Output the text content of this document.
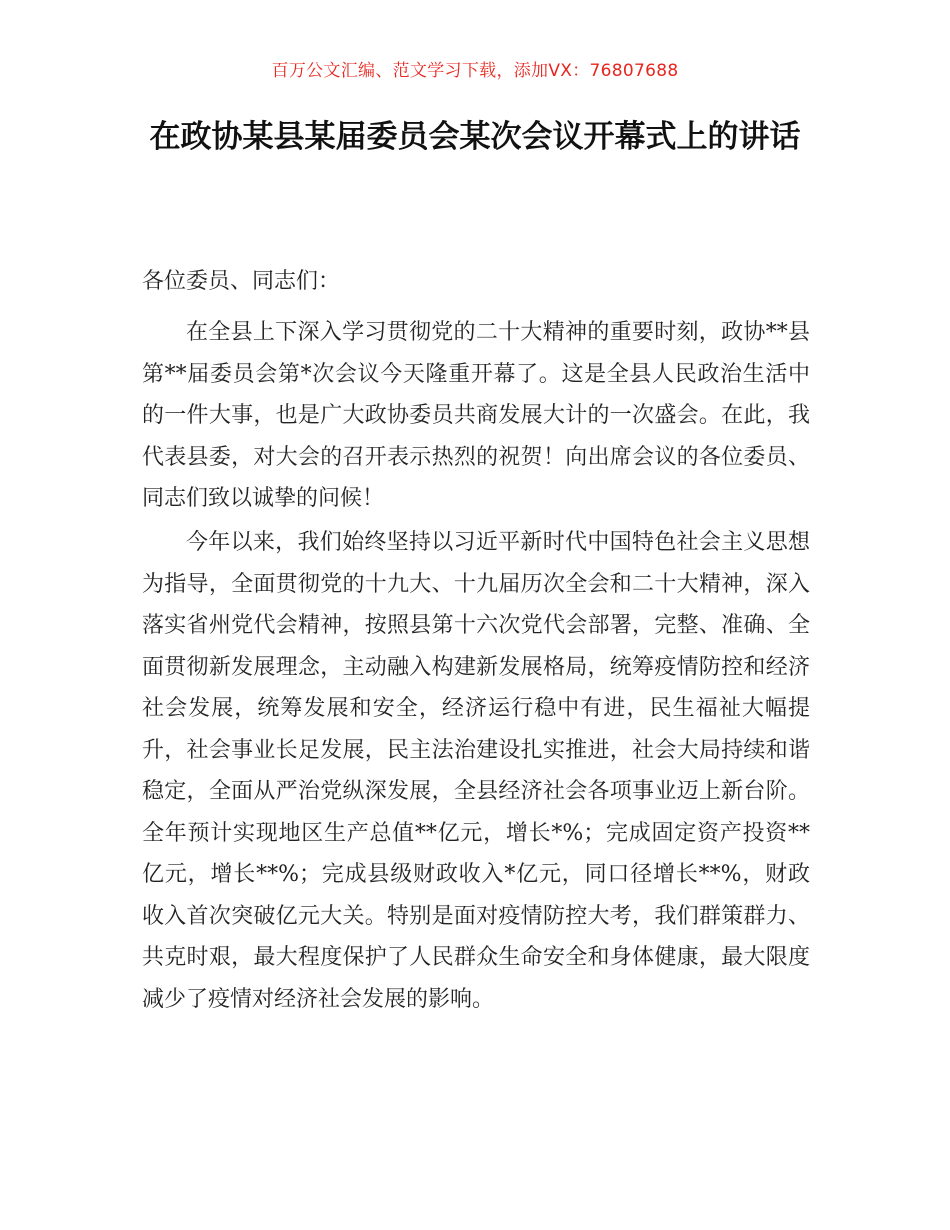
百万公文汇编、范文学习下载，添加VX：76807688
在政协某县某届委员会某次会议开幕式上的讲话
各位委员、同志们：

在全县上下深入学习贯彻党的二十大精神的重要时刻，政协**县第**届委员会第*次会议今天隆重开幕了。这是全县人民政治生活中的一件大事，也是广大政协委员共商发展大计的一次盛会。在此，我代表县委，对大会的召开表示热烈的祝贺！向出席会议的各位委员、同志们致以诚挚的问候！

今年以来，我们始终坚持以习近平新时代中国特色社会主义思想为指导，全面贯彻党的十九大、十九届历次全会和二十大精神，深入落实省州党代会精神，按照县第十六次党代会部署，完整、准确、全面贯彻新发展理念，主动融入构建新发展格局，统筹疫情防控和经济社会发展，统筹发展和安全，经济运行稳中有进，民生福祉大幅提升，社会事业长足发展，民主法治建设扎实推进，社会大局持续和谐稳定，全面从严治党纵深发展，全县经济社会各项事业迈上新台阶。全年预计实现地区生产总值**亿元，增长*%；完成固定资产投资**亿元，增长**%；完成县级财政收入*亿元，同口径增长**%，财政收入首次突破亿元大关。特别是面对疫情防控大考，我们群策群力、共克时艰，最大程度保护了人民群众生命安全和身体健康，最大限度减少了疫情对经济社会发展的影响。
